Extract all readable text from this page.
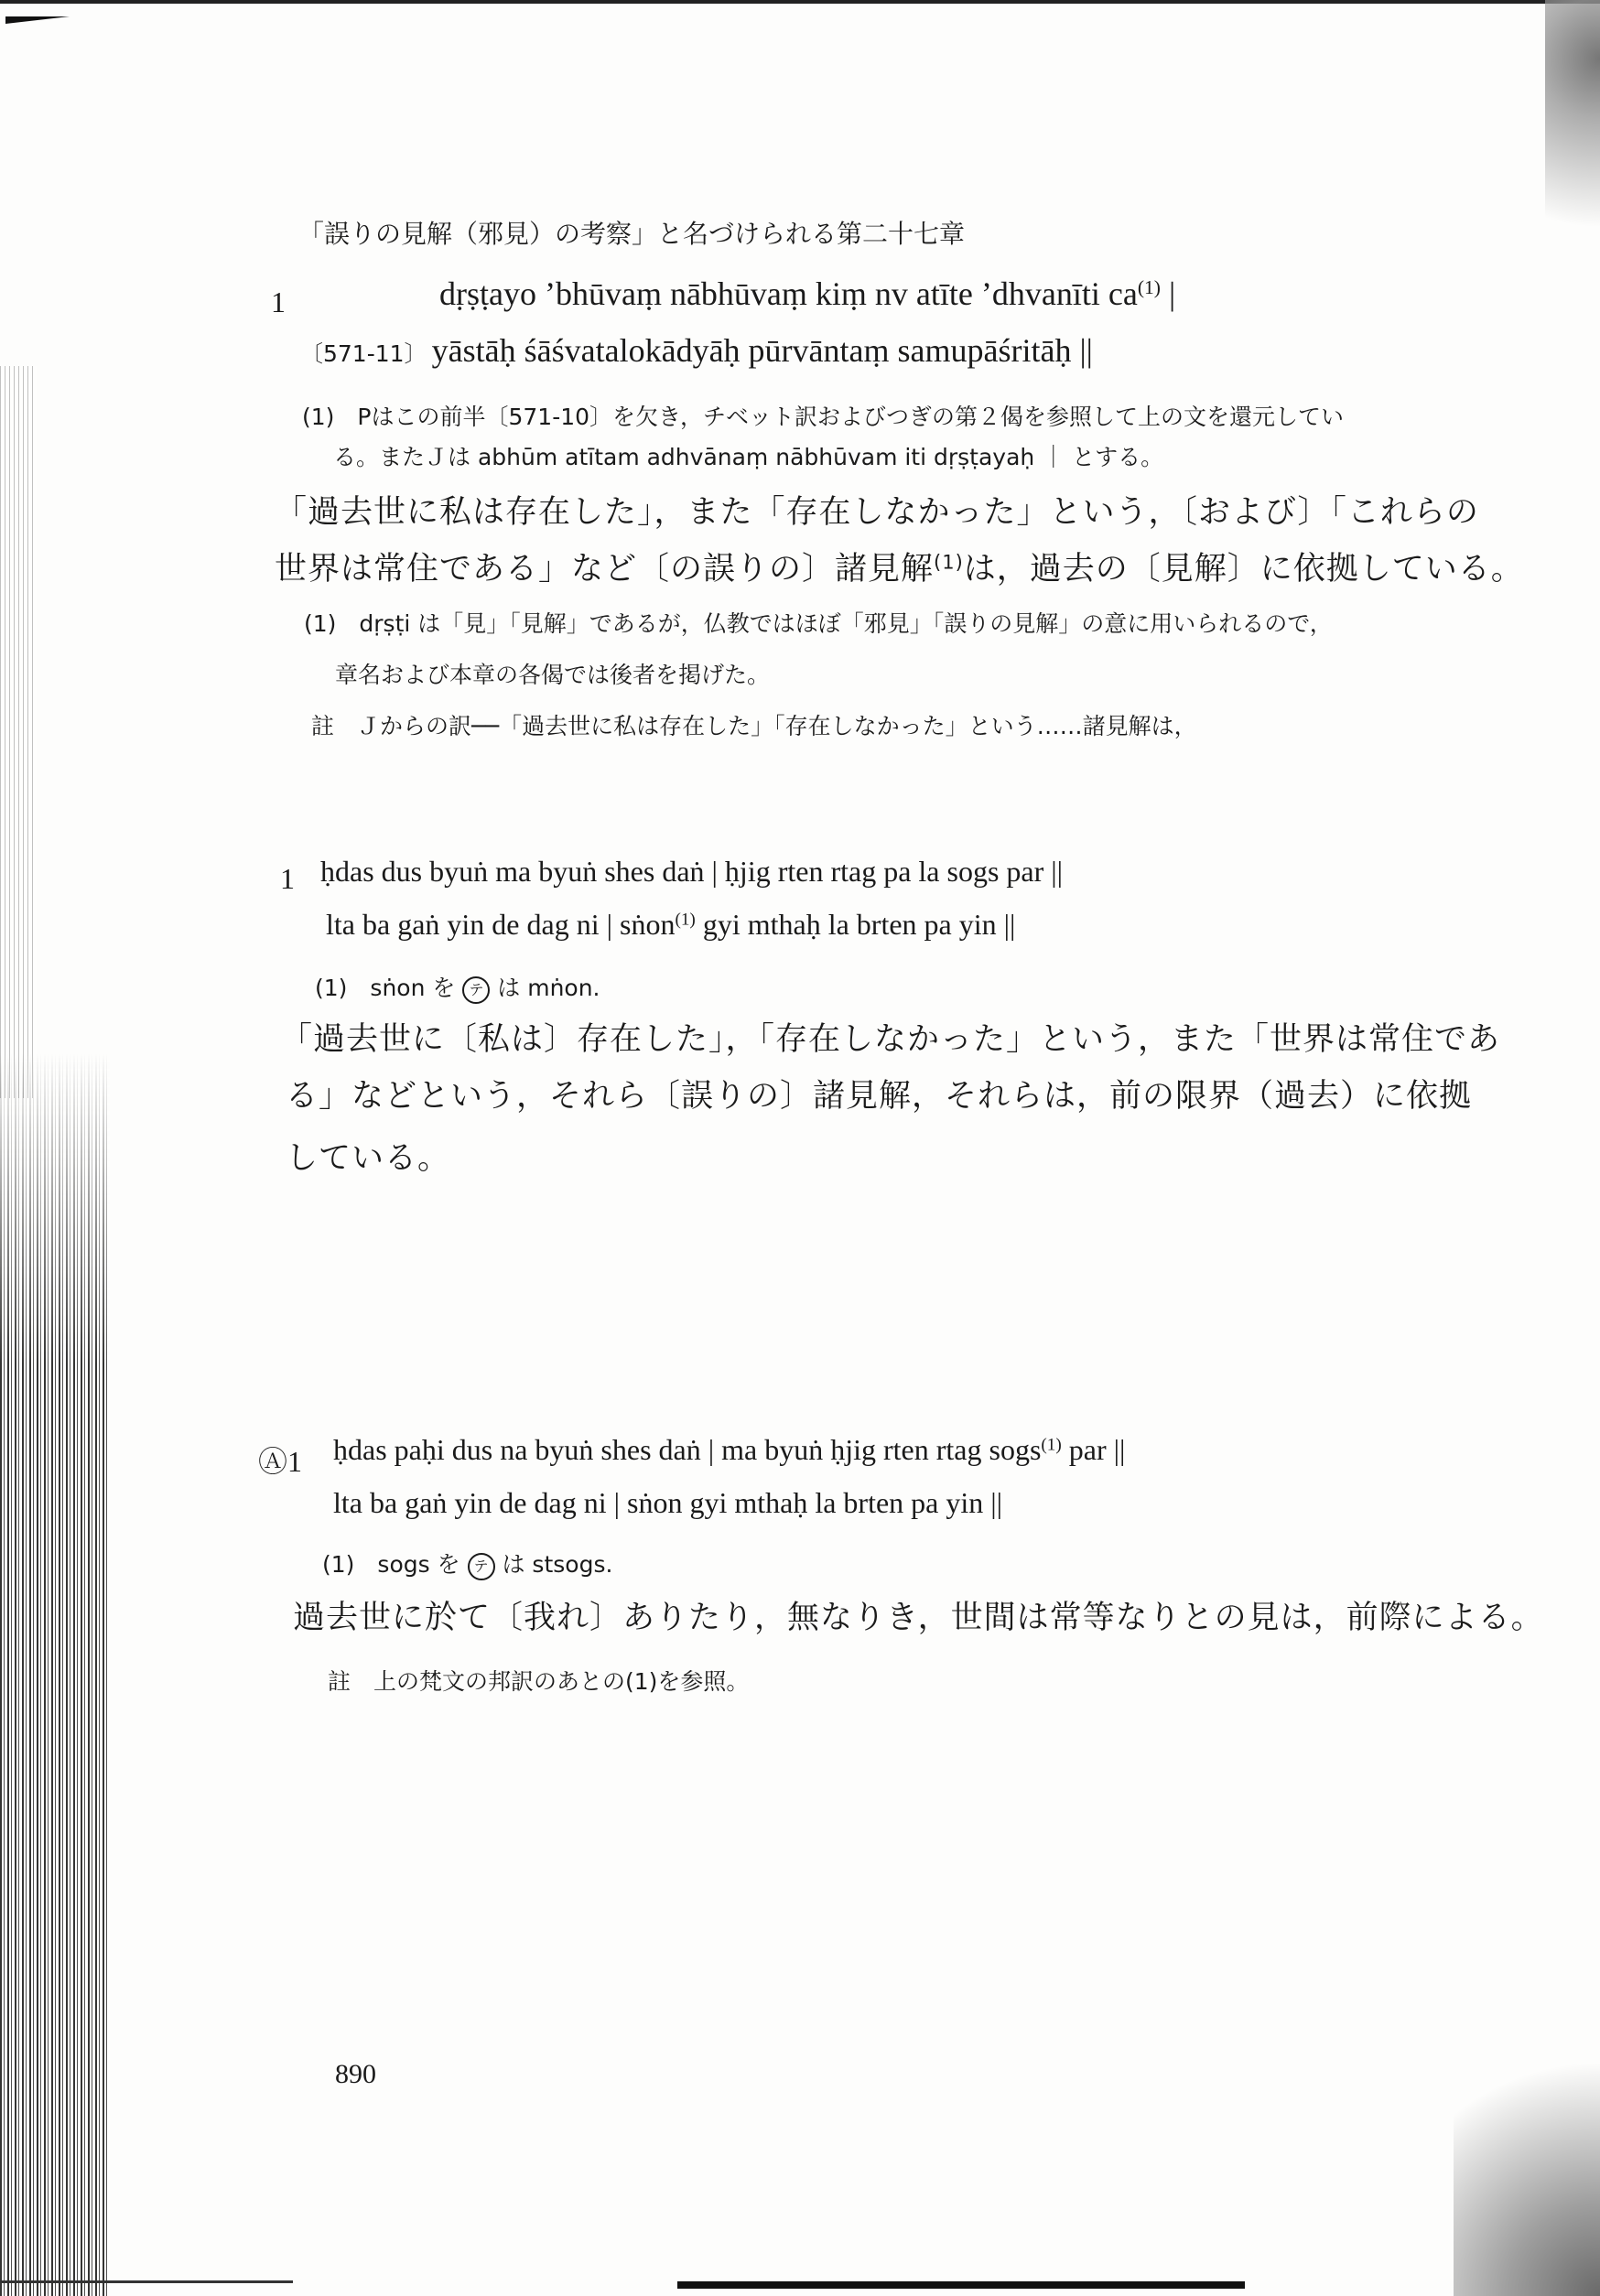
「誤りの見解（邪見）の考察」と名づけられる第二十七章
1	dṛṣṭayo ’bhūvaṃ nābhūvaṃ kiṃ nv atīte ’dhvanīti $ca^{(1)}$ |
〔571-11〕 yāstāḥ śāśvatalokādyāḥ pūrvāntaṃ samupāśritāḥ ||
(1)　Pはこの前半〔571-10〕を欠き，チベット訳およびつぎの第２偈を参照して上の文を還元してい
る。またＪは abhūm atītam adhvānaṃ nābhūvam iti dṛṣṭayaḥ ｜ とする。
「過去世に私は存在した」，また「存在しなかった」という，〔および〕「これらの
世界は常住である」など〔の誤りの〕諸見解$^{(1)}$は，過去の〔見解〕に依拠している。
(1)　dṛṣṭi は「見」「見解」であるが，仏教ではほぼ「邪見」「誤りの見解」の意に用いられるので，
章名および本章の各偈では後者を掲げた。
註　Ｊからの訳──「過去世に私は存在した」「存在しなかった」という……諸見解は，
1 ḥdas dus byuṅ ma byuṅ shes daṅ | ḥjig rten rtag pa la sogs par ||
lta ba gaṅ yin de dag ni | sṅon$^{(1)}$ gyi mthaḥ la brten pa yin ||
(1)　sṅon を テ は mṅon.
「過去世に〔私は〕存在した」，「存在しなかった」という，また「世界は常住であ
る」などという，それら〔誤りの〕諸見解，それらは，前の限界（過去）に依拠
している。
Ⓐ1 ḥdas paḥi dus na byuṅ shes daṅ | ma byuṅ ḥjig rten rtag sogs$^{(1)}$ par ||
lta ba gaṅ yin de dag ni | sṅon gyi mthaḥ la brten pa yin ||
(1)　sogs を テ は stsogs.
過去世に於て〔我れ〕ありたり，無なりき，世間は常等なりとの見は，前際による。
註　上の梵文の邦訳のあとの(1)を参照。
890
